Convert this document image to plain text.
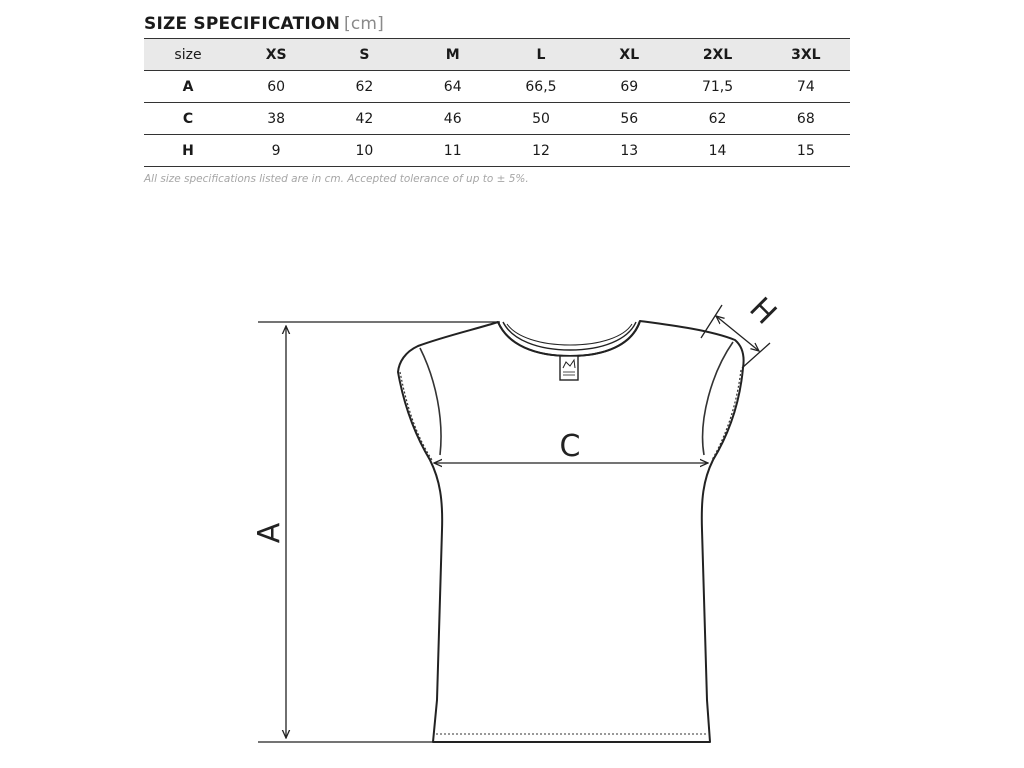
SIZE SPECIFICATION [cm]
size	XS	S	M	L	XL	2XL	3XL
A	60	62	64	66,5	69	71,5	74
C	38	42	46	50	56	62	68
H	9	10	11	12	13	14	15
All size specifications listed are in cm. Accepted tolerance of up to ± 5%.
A
C
H
